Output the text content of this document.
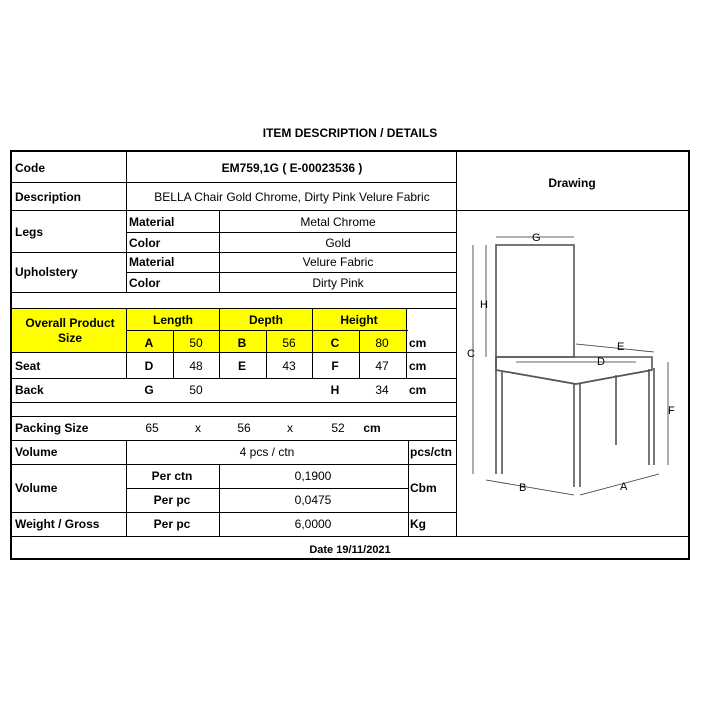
ITEM DESCRIPTION / DETAILS
Code	EM759,1G ( E-00023536 )
Description	BELLA Chair Gold Chrome, Dirty Pink Velure Fabric
Drawing
Legs
Material	Metal Chrome
Color	Gold
Upholstery
Material	Velure Fabric
Color	Dirty Pink
Overall Product Size
Length	Depth	Height
A	50	B	56	C	80 cm
Seat	D	48	E	43	F	47 cm
Back	G	50	H	34 cm
Packing Size	65	x	56	x	52 cm
Volume	4 pcs / ctn	pcs/ctn
Volume
Per ctn	0,1900
Per pc	0,0475
Cbm
Weight / Gross	Per pc	6,0000	Kg
Date 19/11/2021
G
H
C
E
D
F
B	A
